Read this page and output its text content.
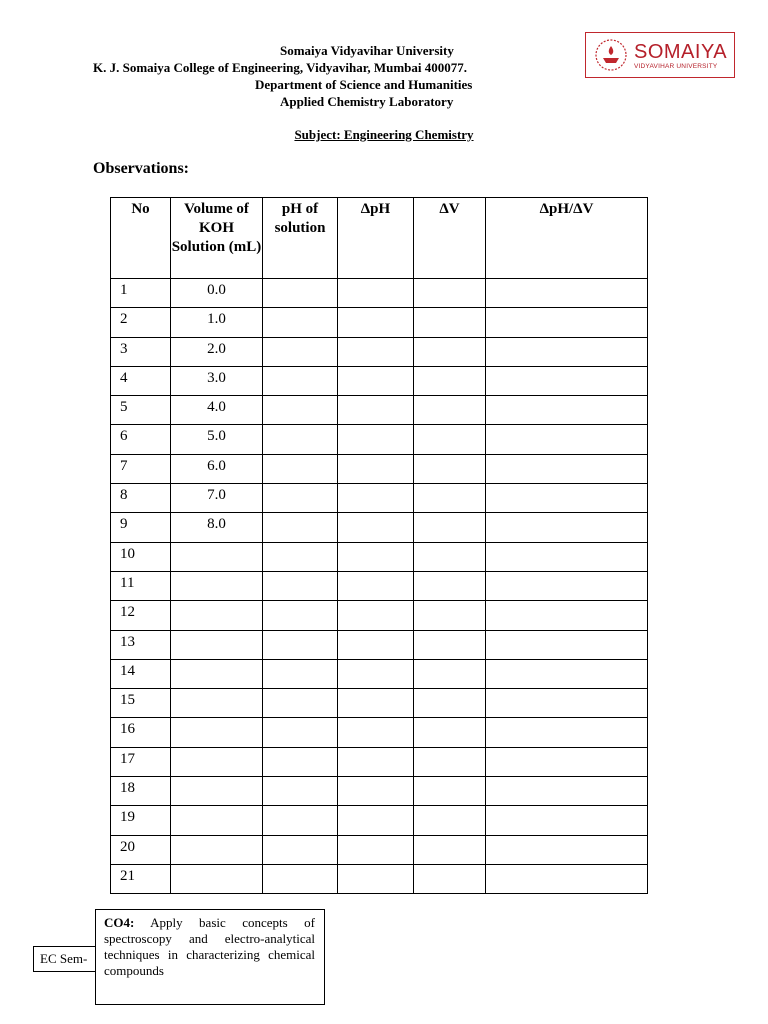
Somaiya Vidyavihar University
K. J. Somaiya College of Engineering, Vidyavihar, Mumbai 400077.
Department of Science and Humanities
Applied Chemistry Laboratory
SOMAIYA
VIDYAVIHAR UNIVERSITY
Subject: Engineering Chemistry
Observations:
No	Volume of KOH Solution (mL)	pH of solution	ΔpH	ΔV	ΔpH/ΔV
1	0.0				
2	1.0				
3	2.0				
4	3.0				
5	4.0				
6	5.0				
7	6.0				
8	7.0				
9	8.0				
10					
11					
12					
13					
14					
15					
16					
17					
18					
19					
20					
21					
EC Sem-
CO4: Apply basic concepts of spectroscopy and electro-analytical techniques in characterizing chemical compounds
